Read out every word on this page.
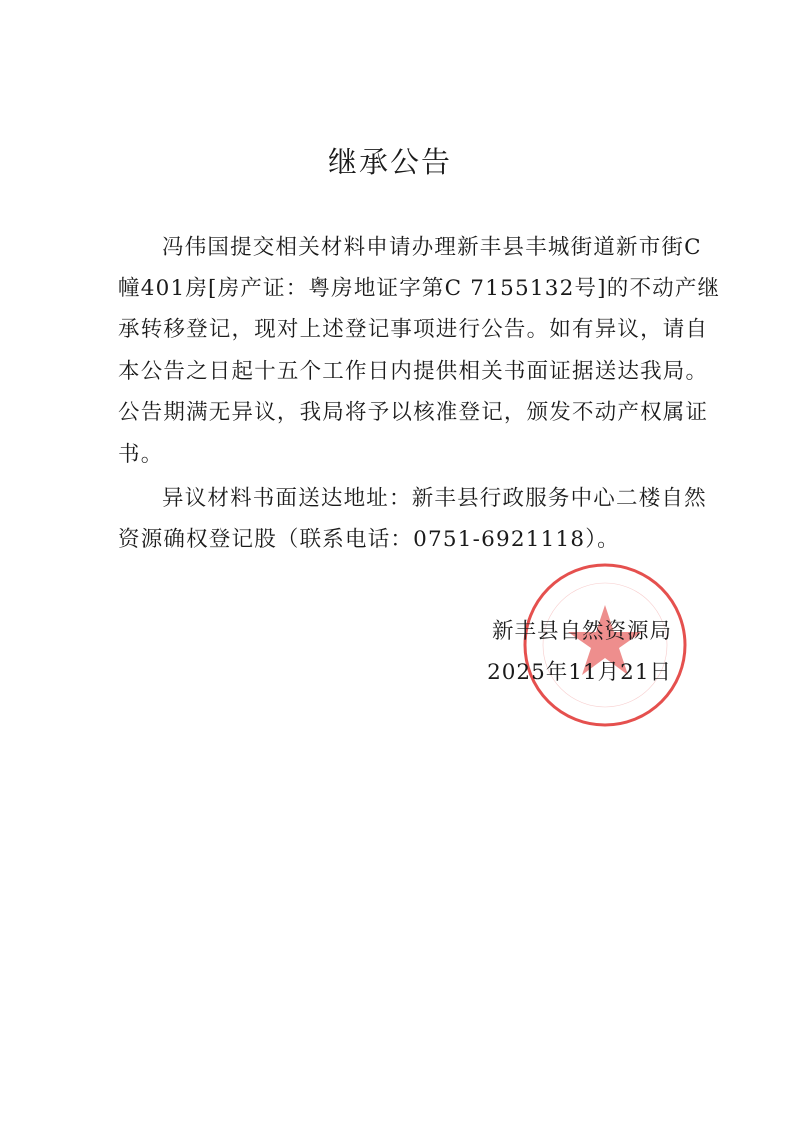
继承公告
冯伟国提交相关材料申请办理新丰县丰城街道新市街C
幢401房[房产证：粤房地证字第C 7155132号]的不动产继
承转移登记，现对上述登记事项进行公告。如有异议，请自
本公告之日起十五个工作日内提供相关书面证据送达我局。
公告期满无异议，我局将予以核准登记，颁发不动产权属证
书。
异议材料书面送达地址：新丰县行政服务中心二楼自然
资源确权登记股（联系电话：0751-6921118）。
新丰县自然资源局
2025年11月21日
